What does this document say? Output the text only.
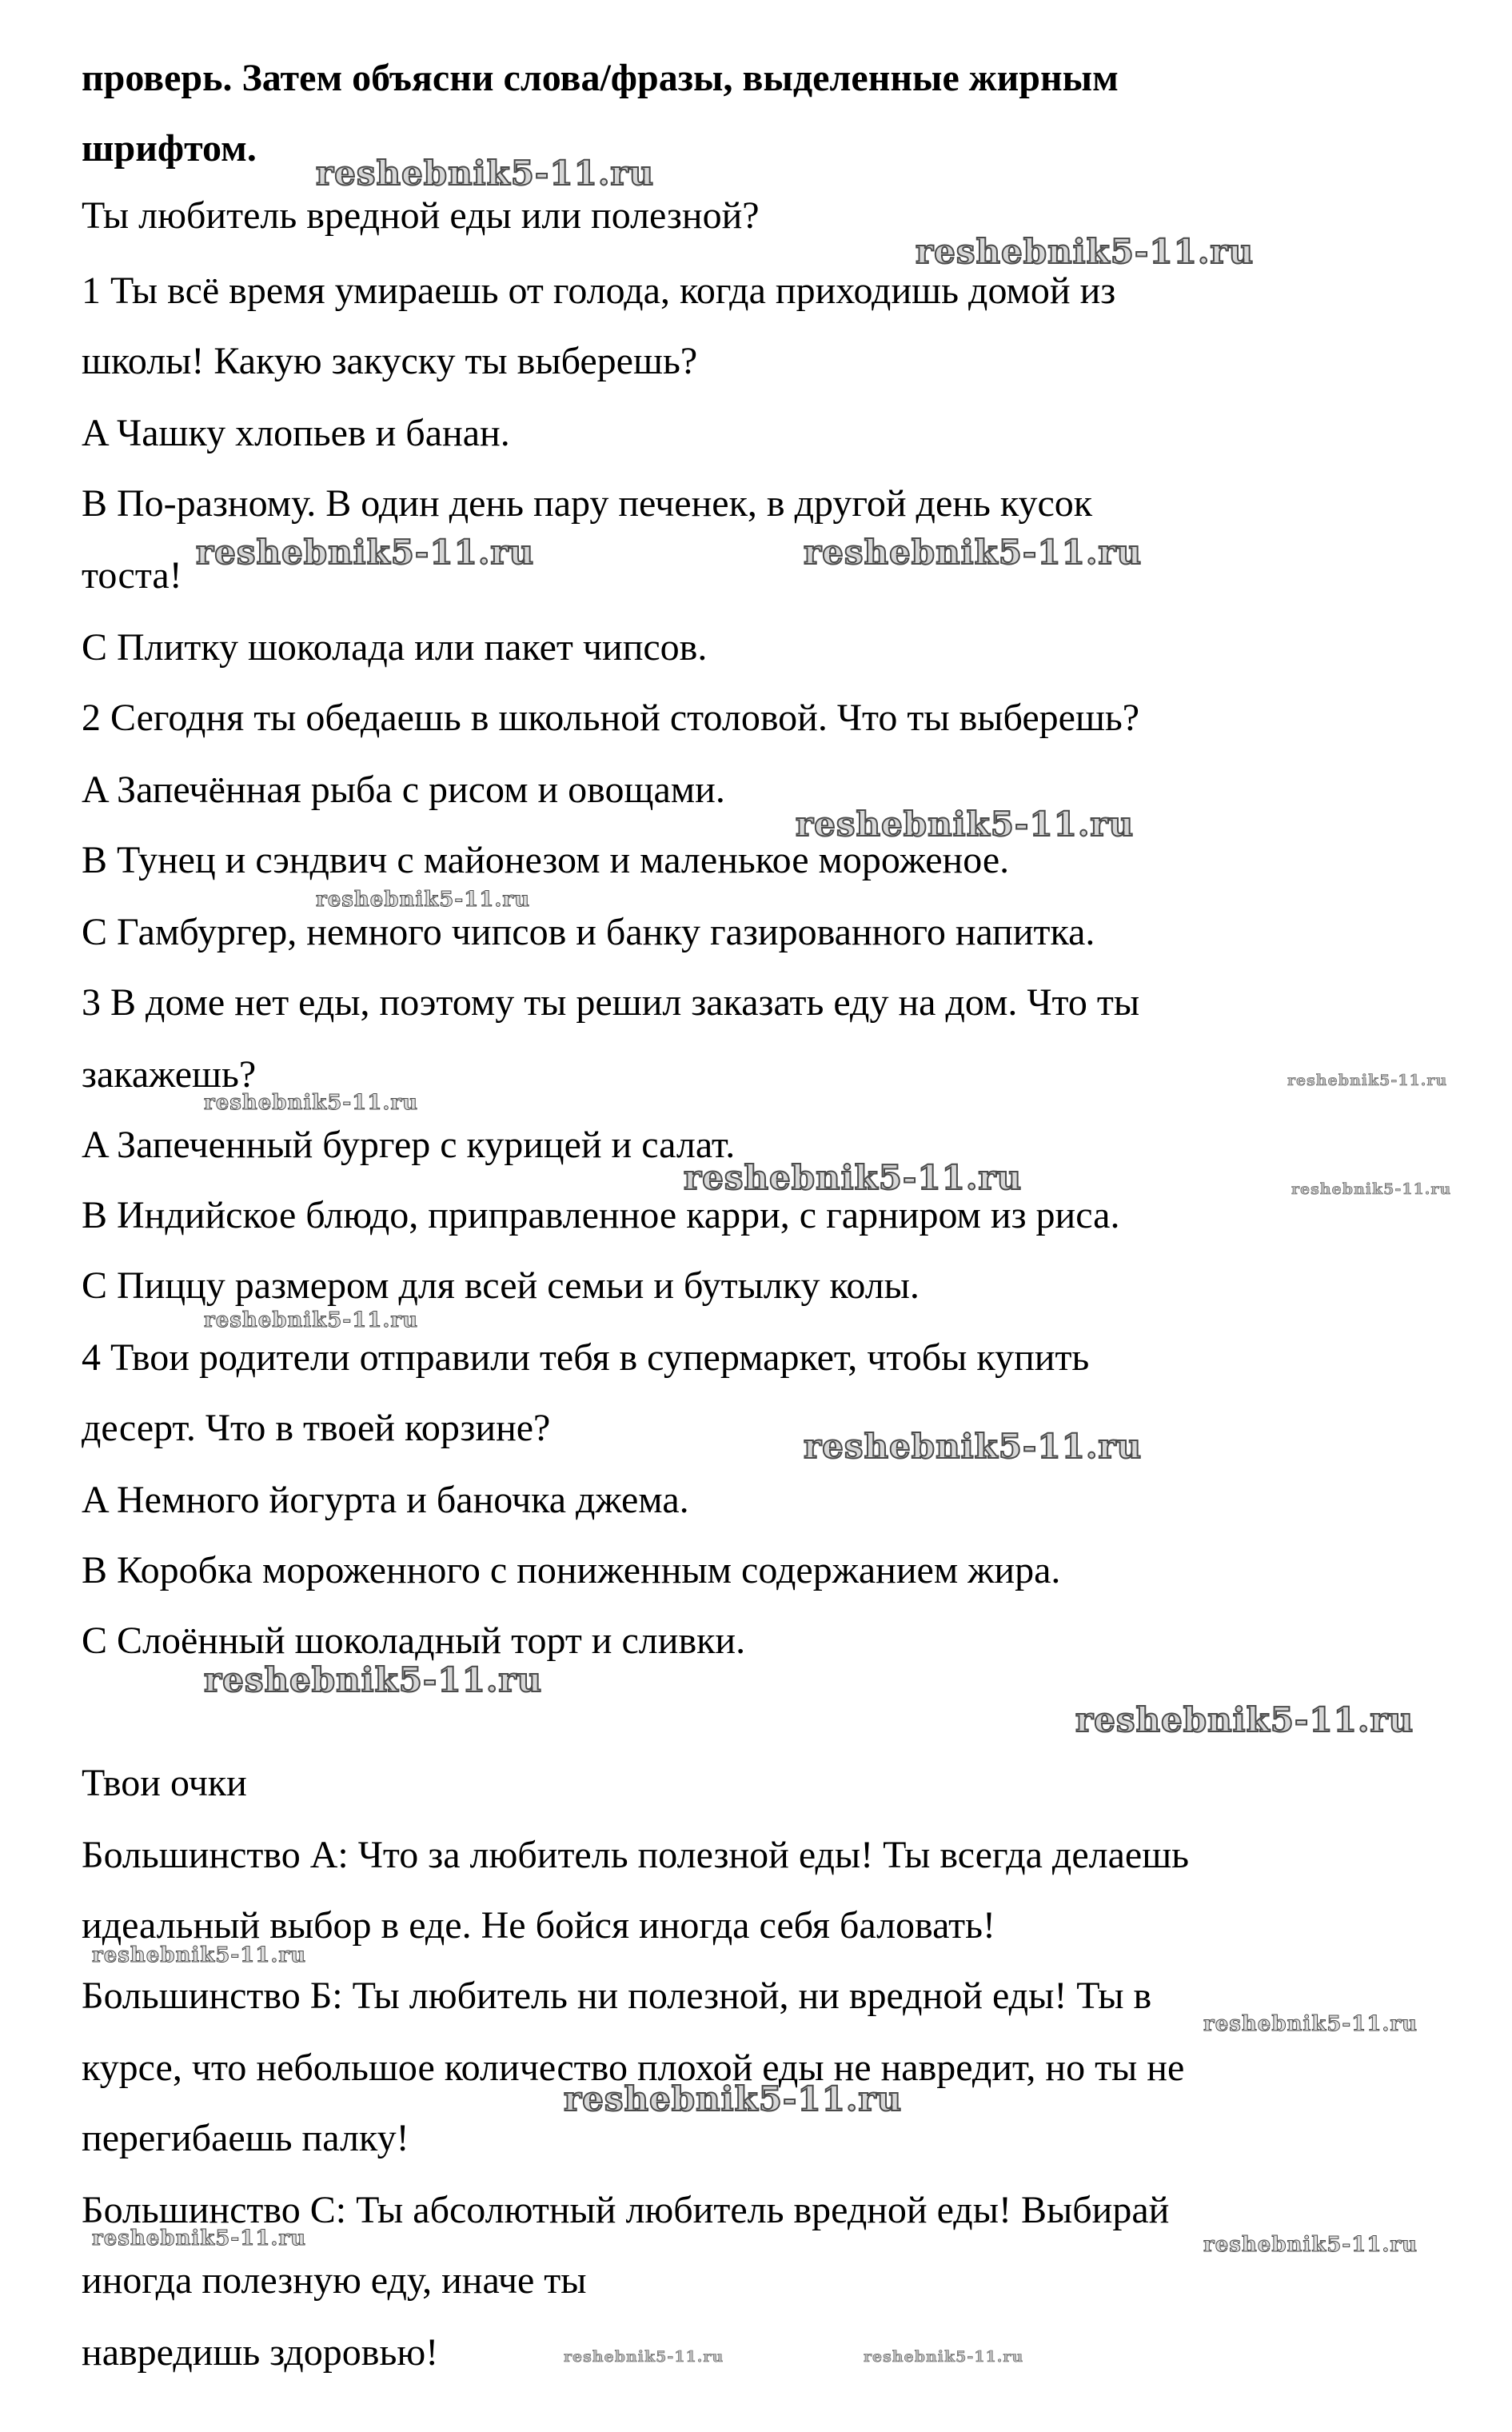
проверь. Затем объясни слова/фразы, выделенные жирным
шрифтом.
Ты любитель вредной еды или полезной?
1 Ты всё время умираешь от голода, когда приходишь домой из
школы! Какую закуску ты выберешь?
A Чашку хлопьев и банан.
B По-разному. В один день пару печенек, в другой день кусок
тоста!
C Плитку шоколада или пакет чипсов.
2 Сегодня ты обедаешь в школьной столовой. Что ты выберешь?
A Запечённая рыба с рисом и овощами.
B Тунец и сэндвич с майонезом и маленькое мороженое.
C Гамбургер, немного чипсов и банку газированного напитка.
3 В доме нет еды, поэтому ты решил заказать еду на дом. Что ты
закажешь?
A Запеченный бургер с курицей и салат.
B Индийское блюдо, приправленное карри, с гарниром из риса.
C Пиццу размером для всей семьи и бутылку колы.
4 Твои родители отправили тебя в супермаркет, чтобы купить
десерт. Что в твоей корзине?
A Немного йогурта и баночка джема.
B Коробка мороженного с пониженным содержанием жира.
C Слоённый шоколадный торт и сливки.
Твои очки
Большинство A: Что за любитель полезной еды! Ты всегда делаешь
идеальный выбор в еде. Не бойся иногда себя баловать!
Большинство Б: Ты любитель ни полезной, ни вредной еды! Ты в
курсе, что небольшое количество плохой еды не навредит, но ты не
перегибаешь палку!
Большинство C: Ты абсолютный любитель вредной еды! Выбирай
иногда полезную еду, иначе ты
навредишь здоровью!
reshebnik5-11.ru
reshebnik5-11.ru
reshebnik5-11.ru	reshebnik5-11.ru
reshebnik5-11.ru
reshebnik5-11.ru
reshebnik5-11.ru
reshebnik5-11.ru
reshebnik5-11.ru	reshebnik5-11.ru
reshebnik5-11.ru
reshebnik5-11.ru
reshebnik5-11.ru
reshebnik5-11.ru
reshebnik5-11.ru
reshebnik5-11.ru
reshebnik5-11.ru
reshebnik5-11.ru	reshebnik5-11.ru
reshebnik5-11.ru	reshebnik5-11.ru
